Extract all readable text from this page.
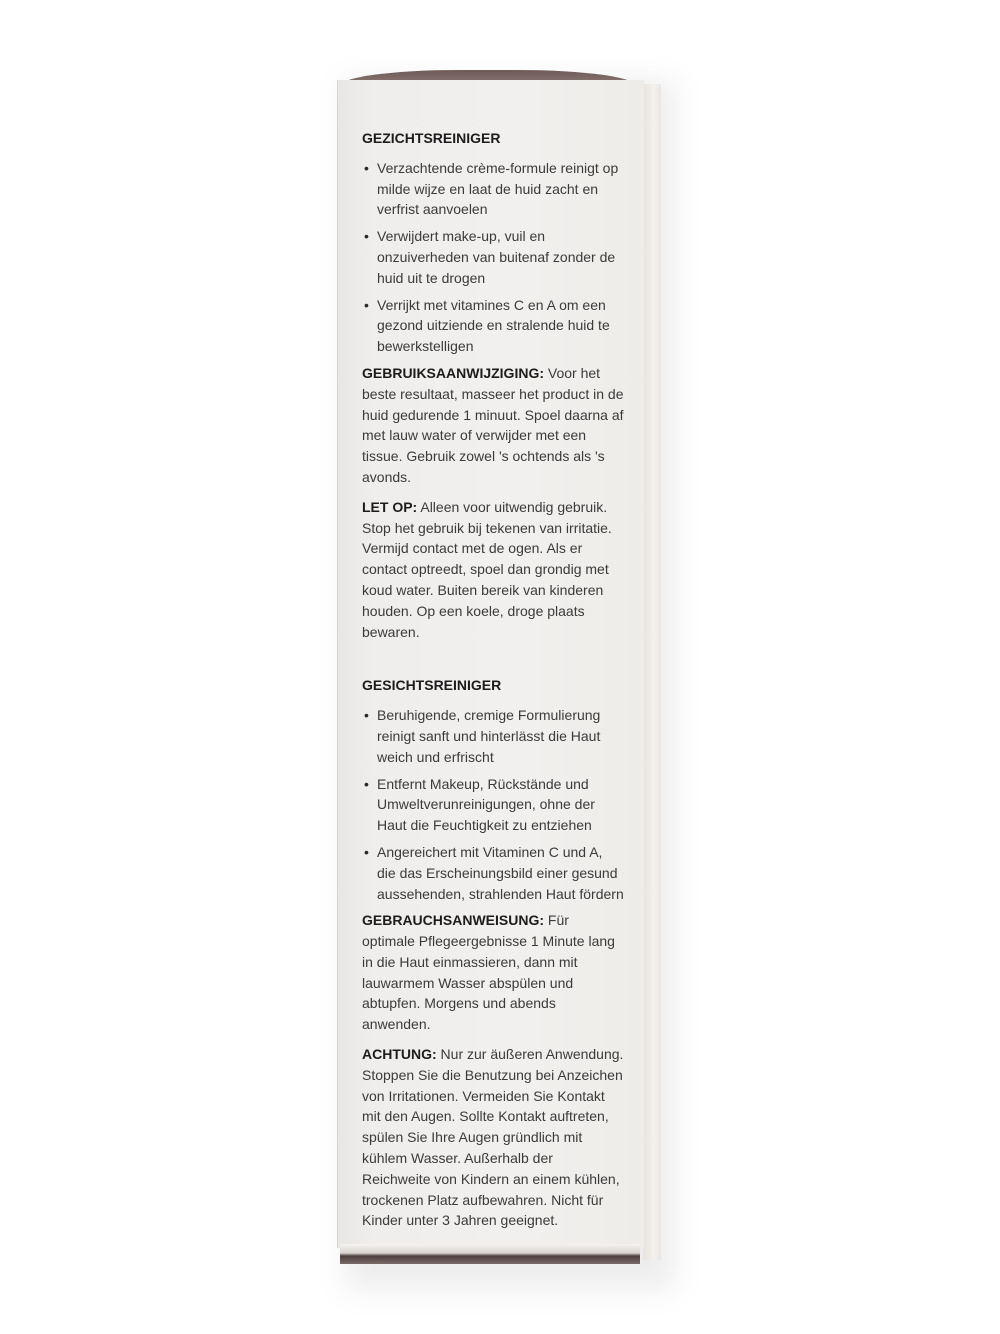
GEZICHTSREINIGER
• Verzachtende crème-formule reinigt op milde wijze en laat de huid zacht en verfrist aanvoelen
• Verwijdert make-up, vuil en onzuiverheden van buitenaf zonder de huid uit te drogen
• Verrijkt met vitamines C en A om een gezond uitziende en stralende huid te bewerkstelligen

GEBRUIKSAANWIJZIGING: Voor het beste resultaat, masseer het product in de huid gedurende 1 minuut. Spoel daarna af met lauw water of verwijder met een tissue. Gebruik zowel 's ochtends als 's avonds.

LET OP: Alleen voor uitwendig gebruik. Stop het gebruik bij tekenen van irritatie. Vermijd contact met de ogen. Als er contact optreedt, spoel dan grondig met koud water. Buiten bereik van kinderen houden. Op een koele, droge plaats bewaren.

GESICHTSREINIGER
• Beruhigende, cremige Formulierung reinigt sanft und hinterlässt die Haut weich und erfrischt
• Entfernt Makeup, Rückstände und Umweltverunreinigungen, ohne der Haut die Feuchtigkeit zu entziehen
• Angereichert mit Vitaminen C und A, die das Erscheinungsbild einer gesund aussehenden, strahlenden Haut fördern

GEBRAUCHSANWEISUNG: Für optimale Pflegeergebnisse 1 Minute lang in die Haut einmassieren, dann mit lauwarmem Wasser abspülen und abtupfen. Morgens und abends anwenden.

ACHTUNG: Nur zur äußeren Anwendung. Stoppen Sie die Benutzung bei Anzeichen von Irritationen. Vermeiden Sie Kontakt mit den Augen. Sollte Kontakt auftreten, spülen Sie Ihre Augen gründlich mit kühlem Wasser. Außerhalb der Reichweite von Kindern an einem kühlen, trockenen Platz aufbewahren. Nicht für Kinder unter 3 Jahren geeignet.
